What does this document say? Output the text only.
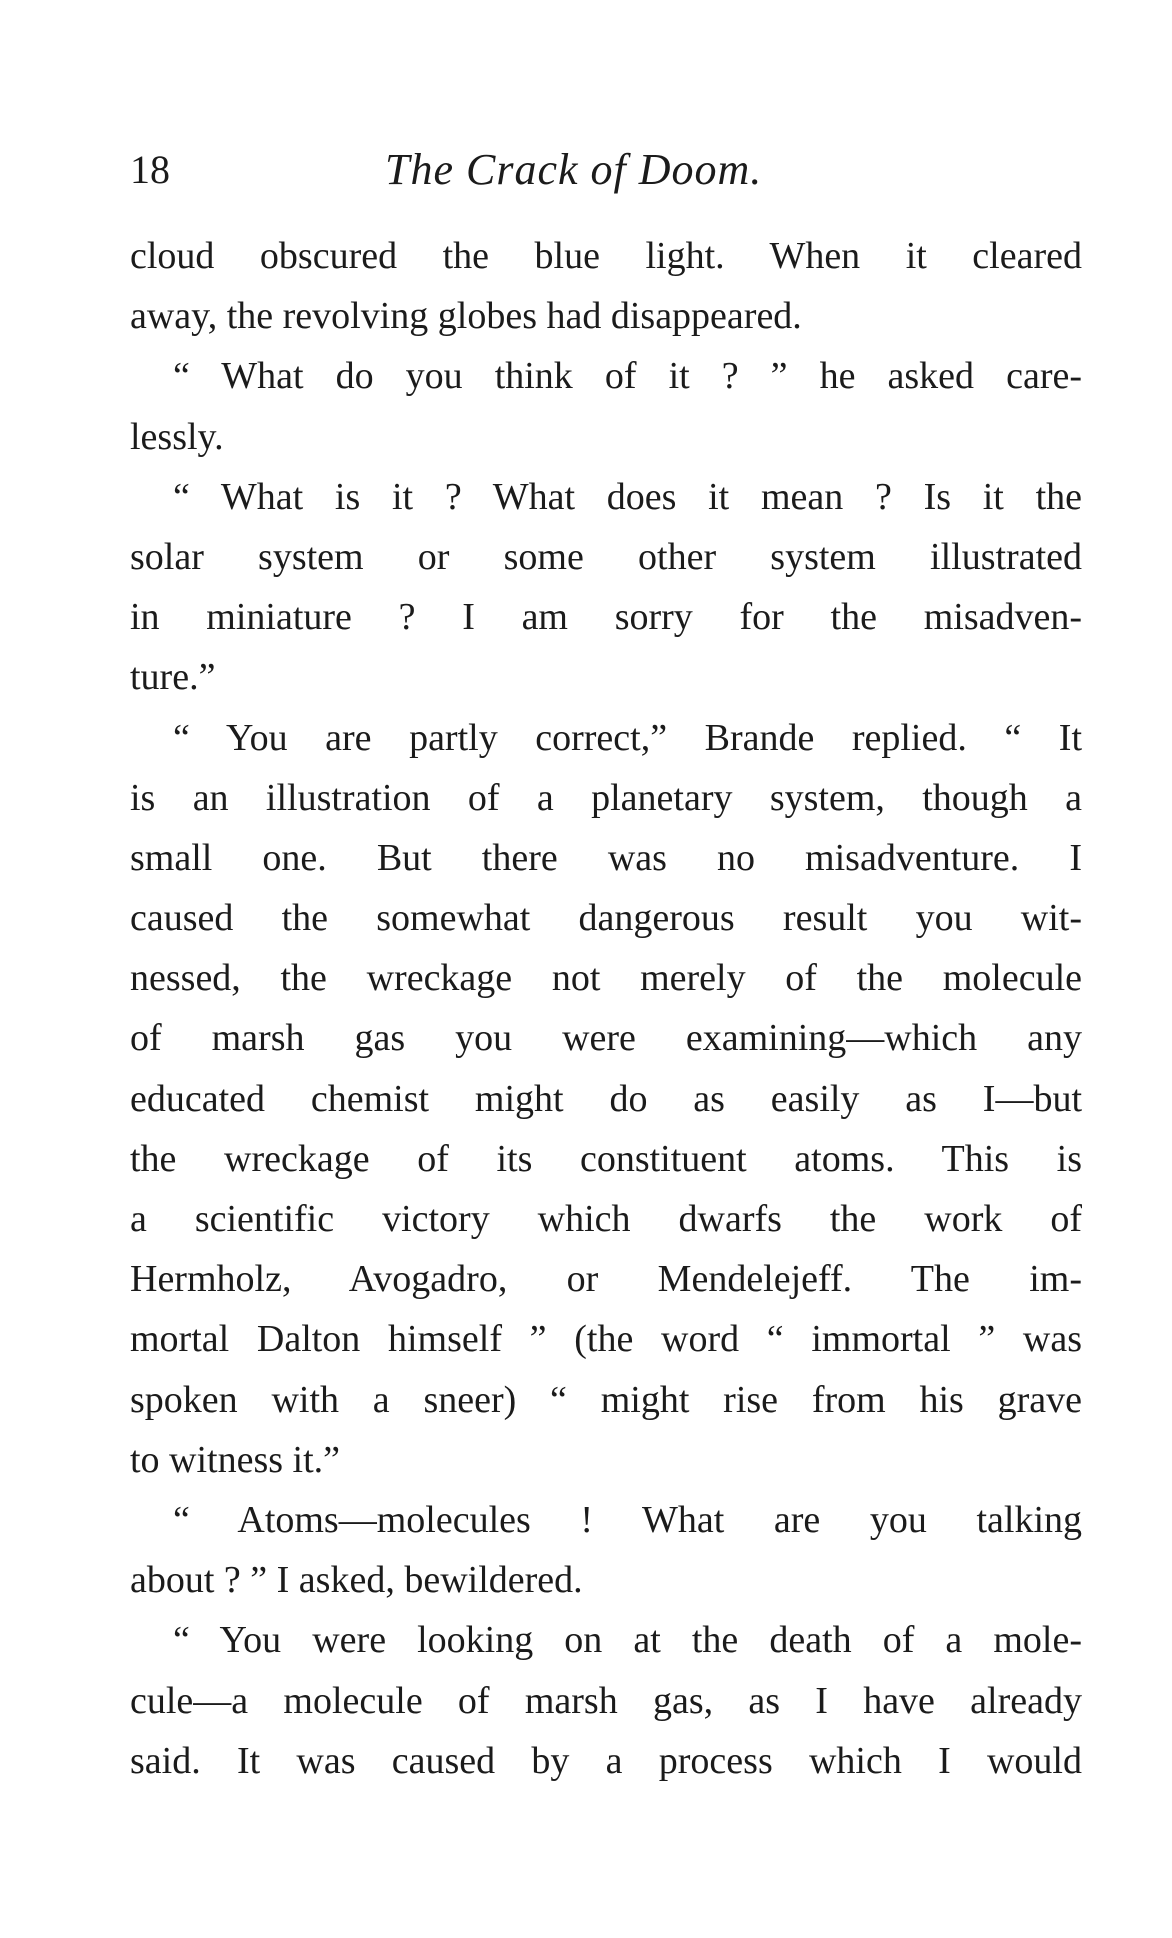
18	The Crack of Doom.
cloud obscured the blue light. When it cleared
away, the revolving globes had disappeared.
“ What do you think of it ? ” he asked care-
lessly.
“ What is it ? What does it mean ? Is it the
solar system or some other system illustrated
in miniature ? I am sorry for the misadven-
ture.”
“ You are partly correct,” Brande replied. “ It
is an illustration of a planetary system, though a
small one. But there was no misadventure. I
caused the somewhat dangerous result you wit-
nessed, the wreckage not merely of the molecule
of marsh gas you were examining—which any
educated chemist might do as easily as I—but
the wreckage of its constituent atoms. This is
a scientific victory which dwarfs the work of
Hermholz, Avogadro, or Mendelejeff. The im-
mortal Dalton himself ” (the word “ immortal ” was
spoken with a sneer) “ might rise from his grave
to witness it.”
“ Atoms—molecules ! What are you talking
about ? ” I asked, bewildered.
“ You were looking on at the death of a mole-
cule—a molecule of marsh gas, as I have already
said. It was caused by a process which I would
